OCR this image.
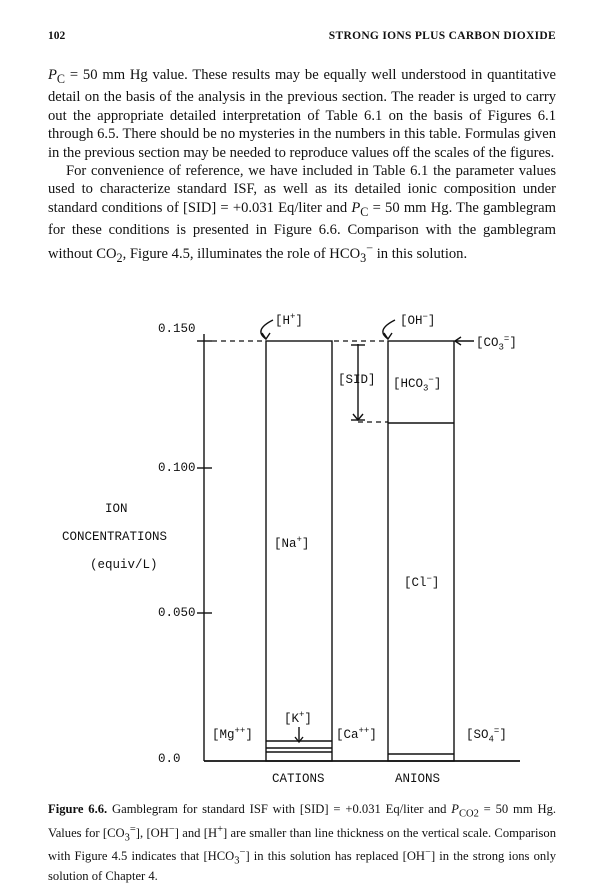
102	STRONG IONS PLUS CARBON DIOXIDE

$P_C = 50$ mm Hg value. These results may be equally well understood in quantitative detail on the basis of the analysis in the previous section. The reader is urged to carry out the appropriate detailed interpretation of Table 6.1 on the basis of Figures 6.1 through 6.5. There should be no mysteries in the numbers in this table. Formulas given in the previous section may be needed to reproduce values off the scales of the figures.

For convenience of reference, we have included in Table 6.1 the parameter values used to characterize standard ISF, as well as its detailed ionic composition under standard conditions of [SID] = +0.031 Eq/liter and $P_C = 50$ mm Hg. The gamblegram for these conditions is presented in Figure 6.6. Comparison with the gamblegram without $CO_2$, Figure 4.5, illuminates the role of $HCO_3^-$ in this solution.

0.150
0.100
0.050
0.0
ION
CONCENTRATIONS
(equiv/L)
CATIONS	ANIONS
[H+]	[OH−]
$[CO_3^=]$
[SID] $[HCO_3^-]$
[Na+]
[Cl−]
[Mg++]
[K+]
[Ca++]	$[SO_4^=]$

Figure 6.6. Gamblegram for standard ISF with [SID] = +0.031 Eq/liter and $P_{CO2} = 50$ mm Hg. Values for $[CO_3^=]$, [OH−] and [H+] are smaller than line thickness on the vertical scale. Comparison with Figure 4.5 indicates that $[HCO_3^-]$ in this solution has replaced [OH−] in the strong ions only solution of Chapter 4.
